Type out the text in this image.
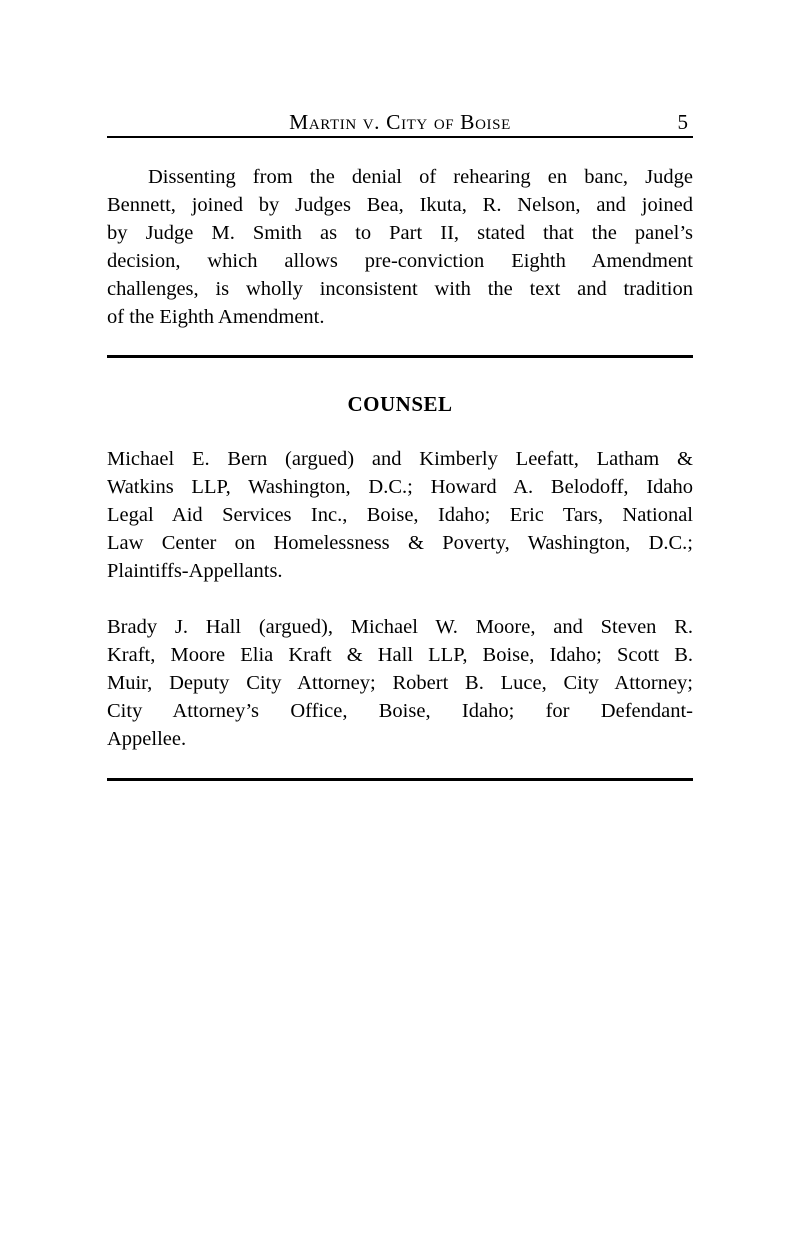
Martin v. City of Boise	5
Dissenting from the denial of rehearing en banc, Judge
Bennett, joined by Judges Bea, Ikuta, R. Nelson, and joined
by Judge M. Smith as to Part II, stated that the panel’s
decision, which allows pre-conviction Eighth Amendment
challenges, is wholly inconsistent with the text and tradition
of the Eighth Amendment.
COUNSEL
Michael E. Bern (argued) and Kimberly Leefatt, Latham &
Watkins LLP, Washington, D.C.; Howard A. Belodoff, Idaho
Legal Aid Services Inc., Boise, Idaho; Eric Tars, National
Law Center on Homelessness & Poverty, Washington, D.C.;
Plaintiffs-Appellants.
Brady J. Hall (argued), Michael W. Moore, and Steven R.
Kraft, Moore Elia Kraft & Hall LLP, Boise, Idaho; Scott B.
Muir, Deputy City Attorney; Robert B. Luce, City Attorney;
City Attorney’s Office, Boise, Idaho; for Defendant-
Appellee.
